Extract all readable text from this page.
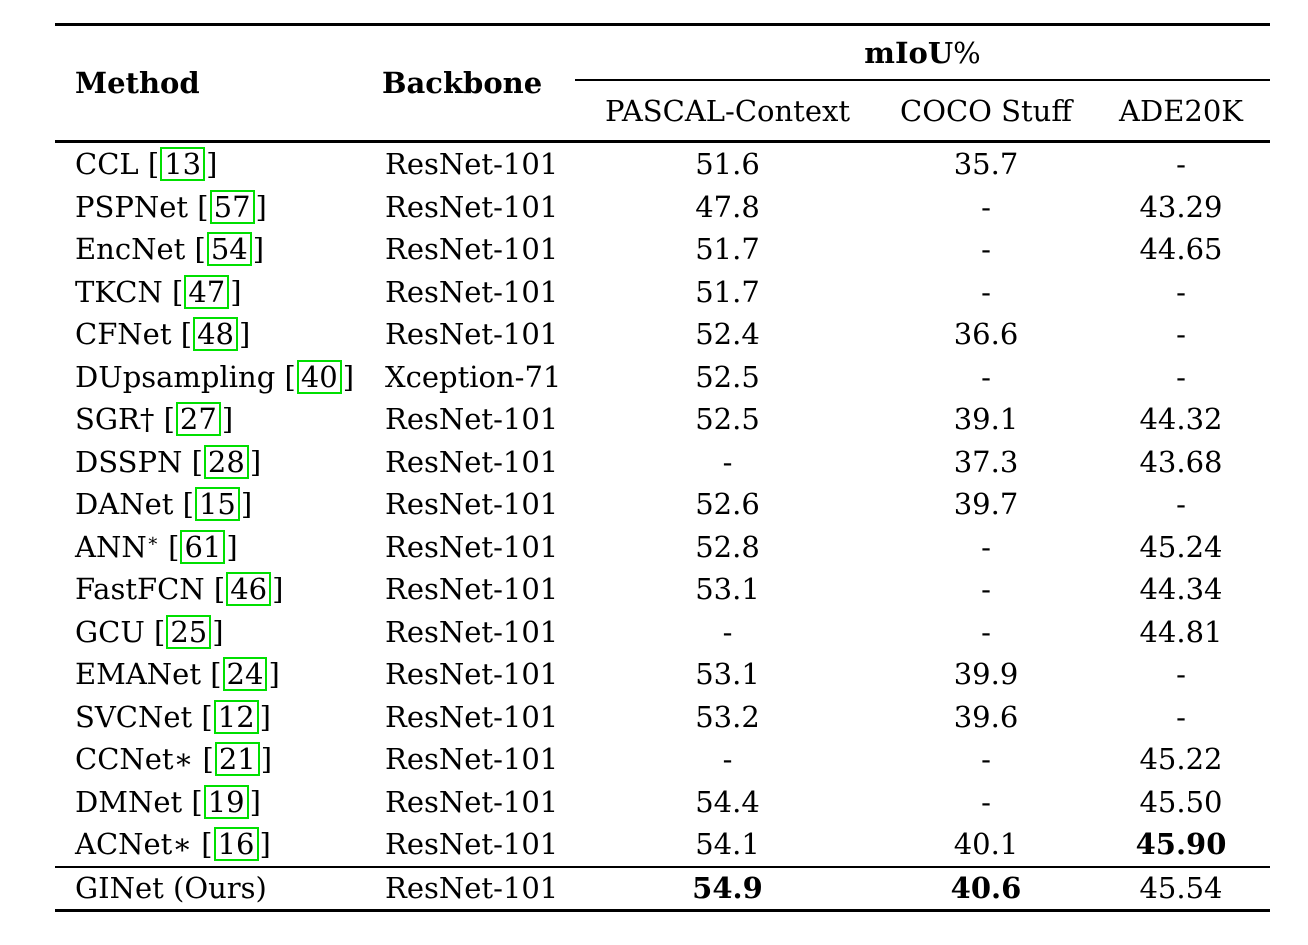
Method	Backbone
mIoU %
PASCAL-Context	COCO Stuff	ADE20K
CCL [ 13 ]	ResNet-101	51.6	35.7	-
PSPNet [ 57 ]	ResNet-101	47.8	-	43.29
EncNet [ 54 ]	ResNet-101	51.7	-	44.65
TKCN [ 47 ]	ResNet-101	51.7	-	-
CFNet [ 48 ]	ResNet-101	52.4	36.6	-
DUpsampling [ 40 ]	Xception-71	52.5	-	-
SGR† [ 27 ]	ResNet-101	52.5	39.1	44.32
DSSPN [ 28 ]	ResNet-101	-	37.3	43.68
DANet [ 15 ]	ResNet-101	52.6	39.7	-
ANN∗ [ 61 ]	ResNet-101	52.8	-	45.24
FastFCN [ 46 ]	ResNet-101	53.1	-	44.34
GCU [ 25 ]	ResNet-101	-	-	44.81
EMANet [ 24 ]	ResNet-101	53.1	39.9	-
SVCNet [ 12 ]	ResNet-101	53.2	39.6	-
CCNet∗ [ 21 ]	ResNet-101	-	-	45.22
DMNet [ 19 ]	ResNet-101	54.4	-	45.50
ACNet∗ [ 16 ]	ResNet-101	54.1	40.1	45.90
GINet (Ours)	ResNet-101	54.9	40.6	45.54
